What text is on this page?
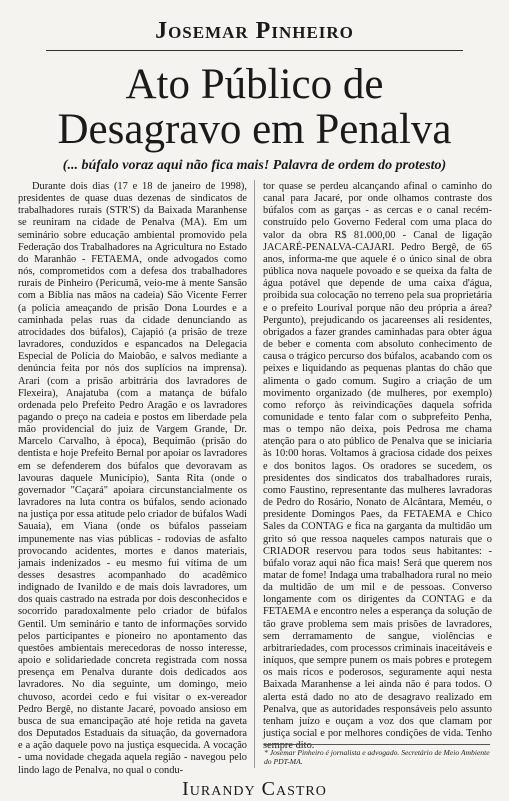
Josemar Pinheiro
Ato Público de
Desagravo em Penalva
(... búfalo voraz aqui não fica mais! Palavra de ordem do protesto)

Durante dois dias (17 e 18 de janeiro de 1998), presidentes de quase duas dezenas de sindicatos de trabalhadores rurais (STR'S) da Baixada Maranhense se reuniram na cidade de Penalva (MA). Em um seminário sobre educação ambiental promovido pela Federação dos Trabalhadores na Agricultura no Estado do Maranhão - FETAEMA, onde advogados como nós, comprometidos com a defesa dos trabalhadores rurais de Pinheiro (Pericumã, veio-me à mente Sansão com a Bíblia nas mãos na cadeia) São Vicente Ferrer (a polícia ameaçando de prisão Dona Lourdes e a caminhada pelas ruas da cidade denunciando as atrocidades dos búfalos), Cajapió (a prisão de treze lavradores, conduzidos e espancados na Delegacia Especial de Polícia do Maiobão, e salvos mediante a denúncia feita por nós dos suplícios na imprensa). Arari (com a prisão arbitrária dos lavradores de Flexeira), Anajatuba (com a matança de búfalo ordenada pelo Prefeito Pedro Aragão e os lavradores pagando o preço na cadeia e postos em liberdade pela mão providencial do juiz de Vargem Grande, Dr. Marcelo Carvalho, à época), Bequimão (prisão do dentista e hoje Prefeito Bernal por apoiar os lavradores em se defenderem dos búfalos que devoravam as lavouras daquele Município), Santa Rita (onde o governador "Caçará" apoiara circunstancialmente os lavradores na luta contra os búfalos, sendo acionado na justiça por essa atitude pelo criador de búfalos Wadi Sauaia), em Viana (onde os búfalos passeiam impunemente nas vias públicas - rodovias de asfalto provocando acidentes, mortes e danos materiais, jamais indenizados - eu mesmo fui vítima de um desses desastres acompanhado do acadêmico indignado de Ivanildo e de mais dois lavradores, um dos quais castrado na estrada por dois desconhecidos e socorrido paradoxalmente pelo criador de búfalos Gentil. Um seminário e tanto de informações sorvido pelos participantes e pioneiro no apontamento das questões ambientais merecedoras de nosso interesse, apoio e solidariedade concreta registrada com nossa presença em Penalva durante dois dedicados aos lavradores. No dia seguinte, um domingo, meio chuvoso, acordei cedo e fui visitar o ex-vereador Pedro Bergê, no distante Jacaré, povoado ansioso em busca de sua emancipação até hoje retida na gaveta dos Deputados Estaduais da situação, da governadora e a ação daquele povo na justiça esquecida. A vocação - uma novidade chegada aquela região - navegou pelo lindo lago de Penalva, no qual o condu-

tor quase se perdeu alcançando afinal o caminho do canal para Jacaré, por onde olhamos contraste dos búfalos com as garças - as cercas e o canal recém-construído pelo Governo Federal com uma placa do valor da obra R$ 81.000,00 - Canal de ligação JACARÉ-PENALVA-CAJARI. Pedro Bergê, de 65 anos, informa-me que aquele é o único sinal de obra pública nova naquele povoado e se queixa da falta de água potável que depende de uma caixa d'água, proibida sua colocação no terreno pela sua proprietária e o prefeito Lourival porque não deu própria a área? Pergunto), prejudicando os jacareenses ali residentes, obrigados a fazer grandes caminhadas para obter água de beber e comenta com absoluto conhecimento de causa o trágico percurso dos búfalos, acabando com os peixes e liquidando as pequenas plantas do chão que alimenta o gado comum. Sugiro a criação de um movimento organizado (de mulheres, por exemplo) como reforço às reivindicações daquela sofrida comunidade e tento falar com o subprefeito Penha, mas o tempo não deixa, pois Pedrosa me chama atenção para o ato público de Penalva que se iniciaria às 10:00 horas. Voltamos à graciosa cidade dos peixes e dos bonitos lagos. Os oradores se sucedem, os presidentes dos sindicatos dos trabalhadores rurais, como Faustino, representante das mulheres lavradoras de Pedro do Rosário, Nonato de Alcântara, Meméu, o presidente Domingos Paes, da FETAEMA e Chico Sales da CONTAG e fica na garganta da multidão um grito só que ressoa naqueles campos naturais que o CRIADOR reservou para todos seus habitantes: - búfalo voraz aqui não fica mais! Será que querem nos matar de fome! Indaga uma trabalhadora rural no meio da multidão de um mil e de pessoas. Converso longamente com os dirigentes da CONTAG e da FETAEMA e encontro neles a esperança da solução de tão grave problema sem mais prisões de lavradores, sem derramamento de sangue, violências e arbitrariedades, com processos criminais inaceitáveis e iníquos, que sempre punem os mais pobres e protegem os mais ricos e poderosos, seguramente aqui nesta Baixada Maranhense a lei ainda não é para todos. O alerta está dado no ato de desagravo realizado em Penalva, que as autoridades responsáveis pelo assunto tenham juízo e ouçam a voz dos que clamam por justiça social e por melhores condições de vida. Tenho sempre dito.

* Josemar Pinheiro é jornalista e advogado. Secretário de Meio Ambiente do PDT-MA.
Iurandy Castro
